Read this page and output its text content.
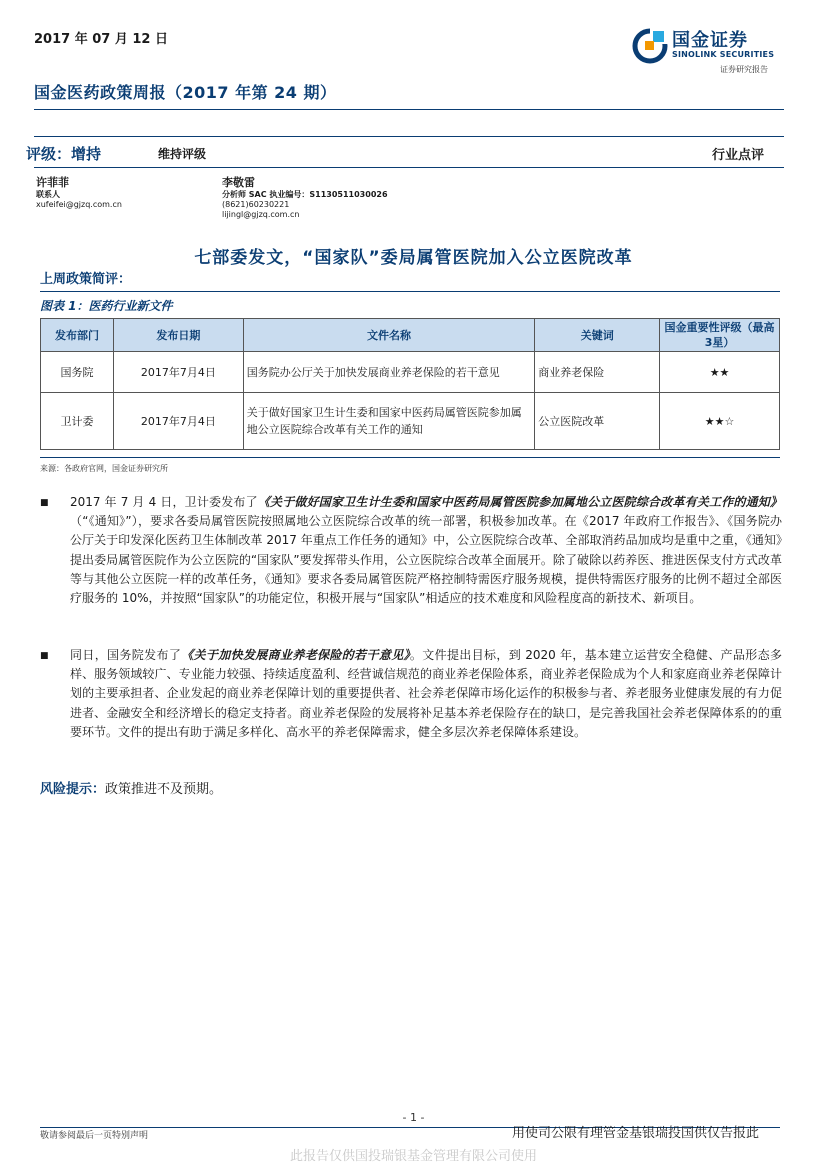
2017 年 07 月 12 日	国金证券
SINOLINK SECURITIES
证券研究报告
国金医药政策周报（2017 年第 24 期）
评级：增持	维持评级	行业点评
许菲菲
联系人
xufeifei@gjzq.com.cn
李敬雷
分析师 SAC 执业编号：S1130511030026
(8621)60230221
lijingl@gjzq.com.cn
七部委发文，“国家队”委局属管医院加入公立医院改革
上周政策简评：
图表 1：医药行业新文件
发布部门	发布日期	文件名称	关键词	国金重要性评级（最高3星）
国务院	2017年7月4日	国务院办公厅关于加快发展商业养老保险的若干意见	商业养老保险	★★
卫计委	2017年7月4日	关于做好国家卫生计生委和国家中医药局属管医院参加属地公立医院综合改革有关工作的通知	公立医院改革	★★☆
来源：各政府官网，国金证券研究所
■ 2017 年 7 月 4 日，卫计委发布了《关于做好国家卫生计生委和国家中医药局属管医院参加属地公立医院综合改革有关工作的通知》（“《通知》”），要求各委局属管医院按照属地公立医院综合改革的统一部署，积极参加改革。在《2017 年政府工作报告》、《国务院办公厅关于印发深化医药卫生体制改革 2017 年重点工作任务的通知》中，公立医院综合改革、全部取消药品加成均是重中之重，《通知》提出委局属管医院作为公立医院的“国家队”要发挥带头作用，公立医院综合改革全面展开。除了破除以药养医、推进医保支付方式改革等与其他公立医院一样的改革任务，《通知》要求各委局属管医院严格控制特需医疗服务规模，提供特需医疗服务的比例不超过全部医疗服务的 10%，并按照“国家队”的功能定位，积极开展与“国家队”相适应的技术难度和风险程度高的新技术、新项目。
■ 同日，国务院发布了《关于加快发展商业养老保险的若干意见》。文件提出目标，到 2020 年，基本建立运营安全稳健、产品形态多样、服务领域较广、专业能力较强、持续适度盈利、经营诚信规范的商业养老保险体系，商业养老保险成为个人和家庭商业养老保障计划的主要承担者、企业发起的商业养老保障计划的重要提供者、社会养老保障市场化运作的积极参与者、养老服务业健康发展的有力促进者、金融安全和经济增长的稳定支持者。商业养老保险的发展将补足基本养老保险存在的缺口，是完善我国社会养老保障体系的的重要环节。文件的提出有助于满足多样化、高水平的养老保障需求，健全多层次养老保障体系建设。
风险提示：政策推进不及预期。
- 1 -
敬请参阅最后一页特别声明	用使司公限有理管金基银瑞投国供仅告报此
此报告仅供国投瑞银基金管理有限公司使用
